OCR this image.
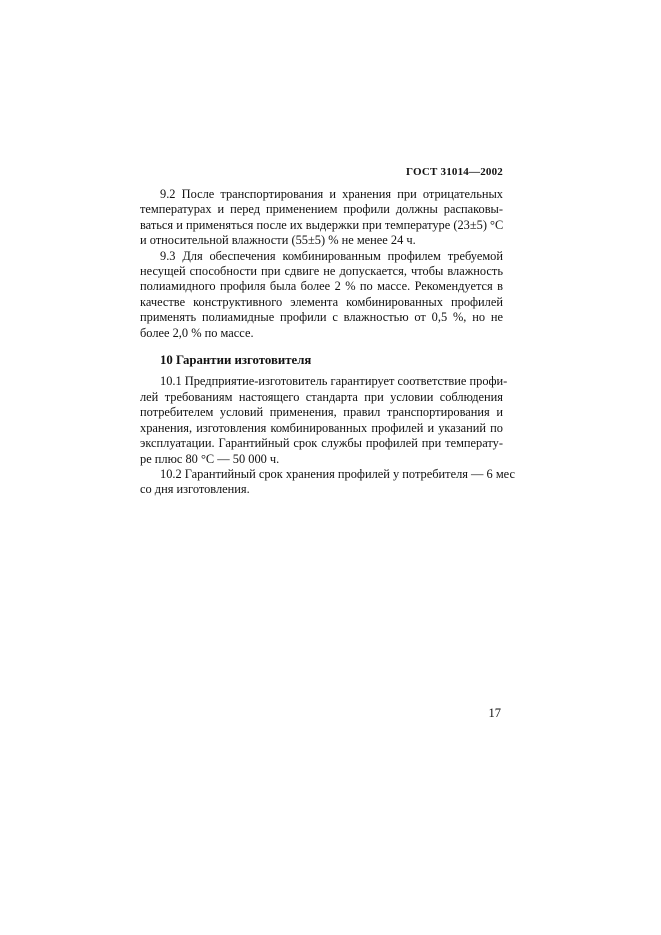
ГОСТ 31014—2002

9.2 После транспортирования и хранения при отрицательных
температурах и перед применением профили должны распаковы-
ваться и применяться после их выдержки при температуре (23±5) °С
и относительной влажности (55±5) % не менее 24 ч.

9.3 Для обеспечения комбинированным профилем требуемой
несущей способности при сдвиге не допускается, чтобы влажность
полиамидного профиля была более 2 % по массе. Рекомендуется в
качестве конструктивного элемента комбинированных профилей
применять полиамидные профили с влажностью от 0,5 %, но не
более 2,0 % по массе.

10 Гарантии изготовителя

10.1 Предприятие-изготовитель гарантирует соответствие профи-
лей требованиям настоящего стандарта при условии соблюдения
потребителем условий применения, правил транспортирования и
хранения, изготовления комбинированных профилей и указаний по
эксплуатации. Гарантийный срок службы профилей при температу-
ре плюс 80 °С — 50 000 ч.

10.2 Гарантийный срок хранения профилей у потребителя — 6 мес
со дня изготовления.

17
